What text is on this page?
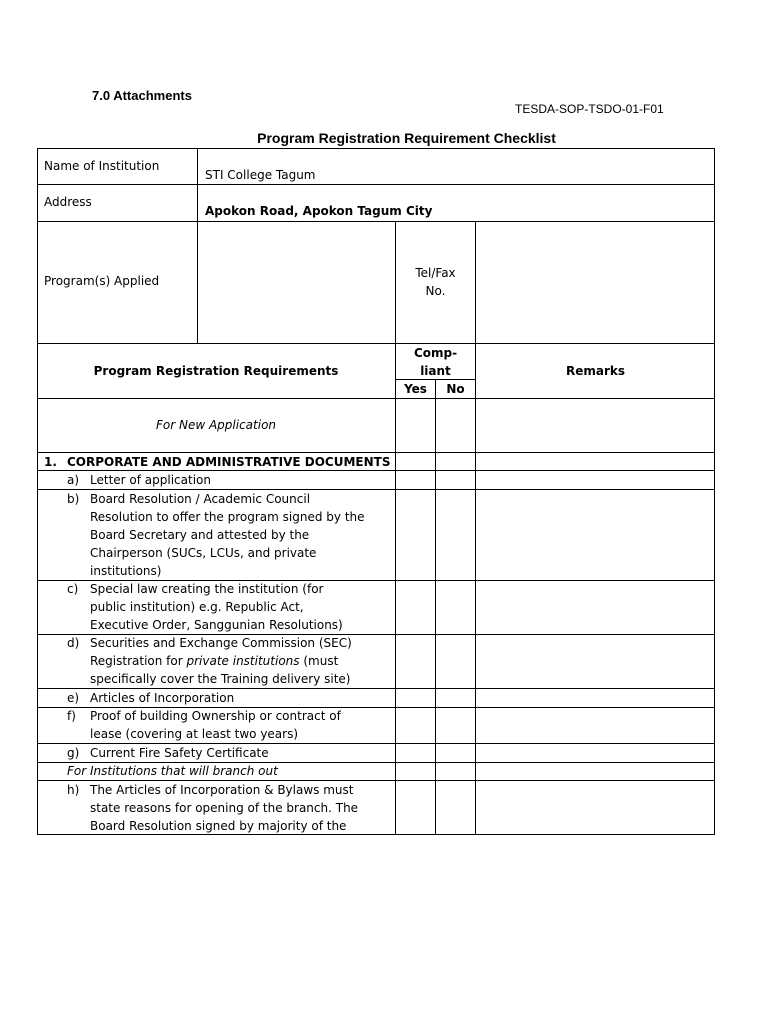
7.0 Attachments
TESDA-SOP-TSDO-01-F01
Program Registration Requirement Checklist
Name of Institution
STI College Tagum
Address
Apokon Road, Apokon Tagum City
Program(s) Applied
Tel/Fax
No.
Program Registration Requirements
Comp-
liant
Yes	No
Remarks
For New Application
1. CORPORATE AND ADMINISTRATIVE DOCUMENTS
a) Letter of application
b) Board Resolution / Academic Council
Resolution to offer the program signed by the
Board Secretary and attested by the
Chairperson (SUCs, LCUs, and private
institutions)
c) Special law creating the institution (for
public institution) e.g. Republic Act,
Executive Order, Sanggunian Resolutions)
d) Securities and Exchange Commission (SEC)
Registration for private institutions (must
specifically cover the Training delivery site)
e) Articles of Incorporation
f) Proof of building Ownership or contract of
lease (covering at least two years)
g) Current Fire Safety Certificate
For Institutions that will branch out
h) The Articles of Incorporation & Bylaws must
state reasons for opening of the branch. The
Board Resolution signed by majority of the
